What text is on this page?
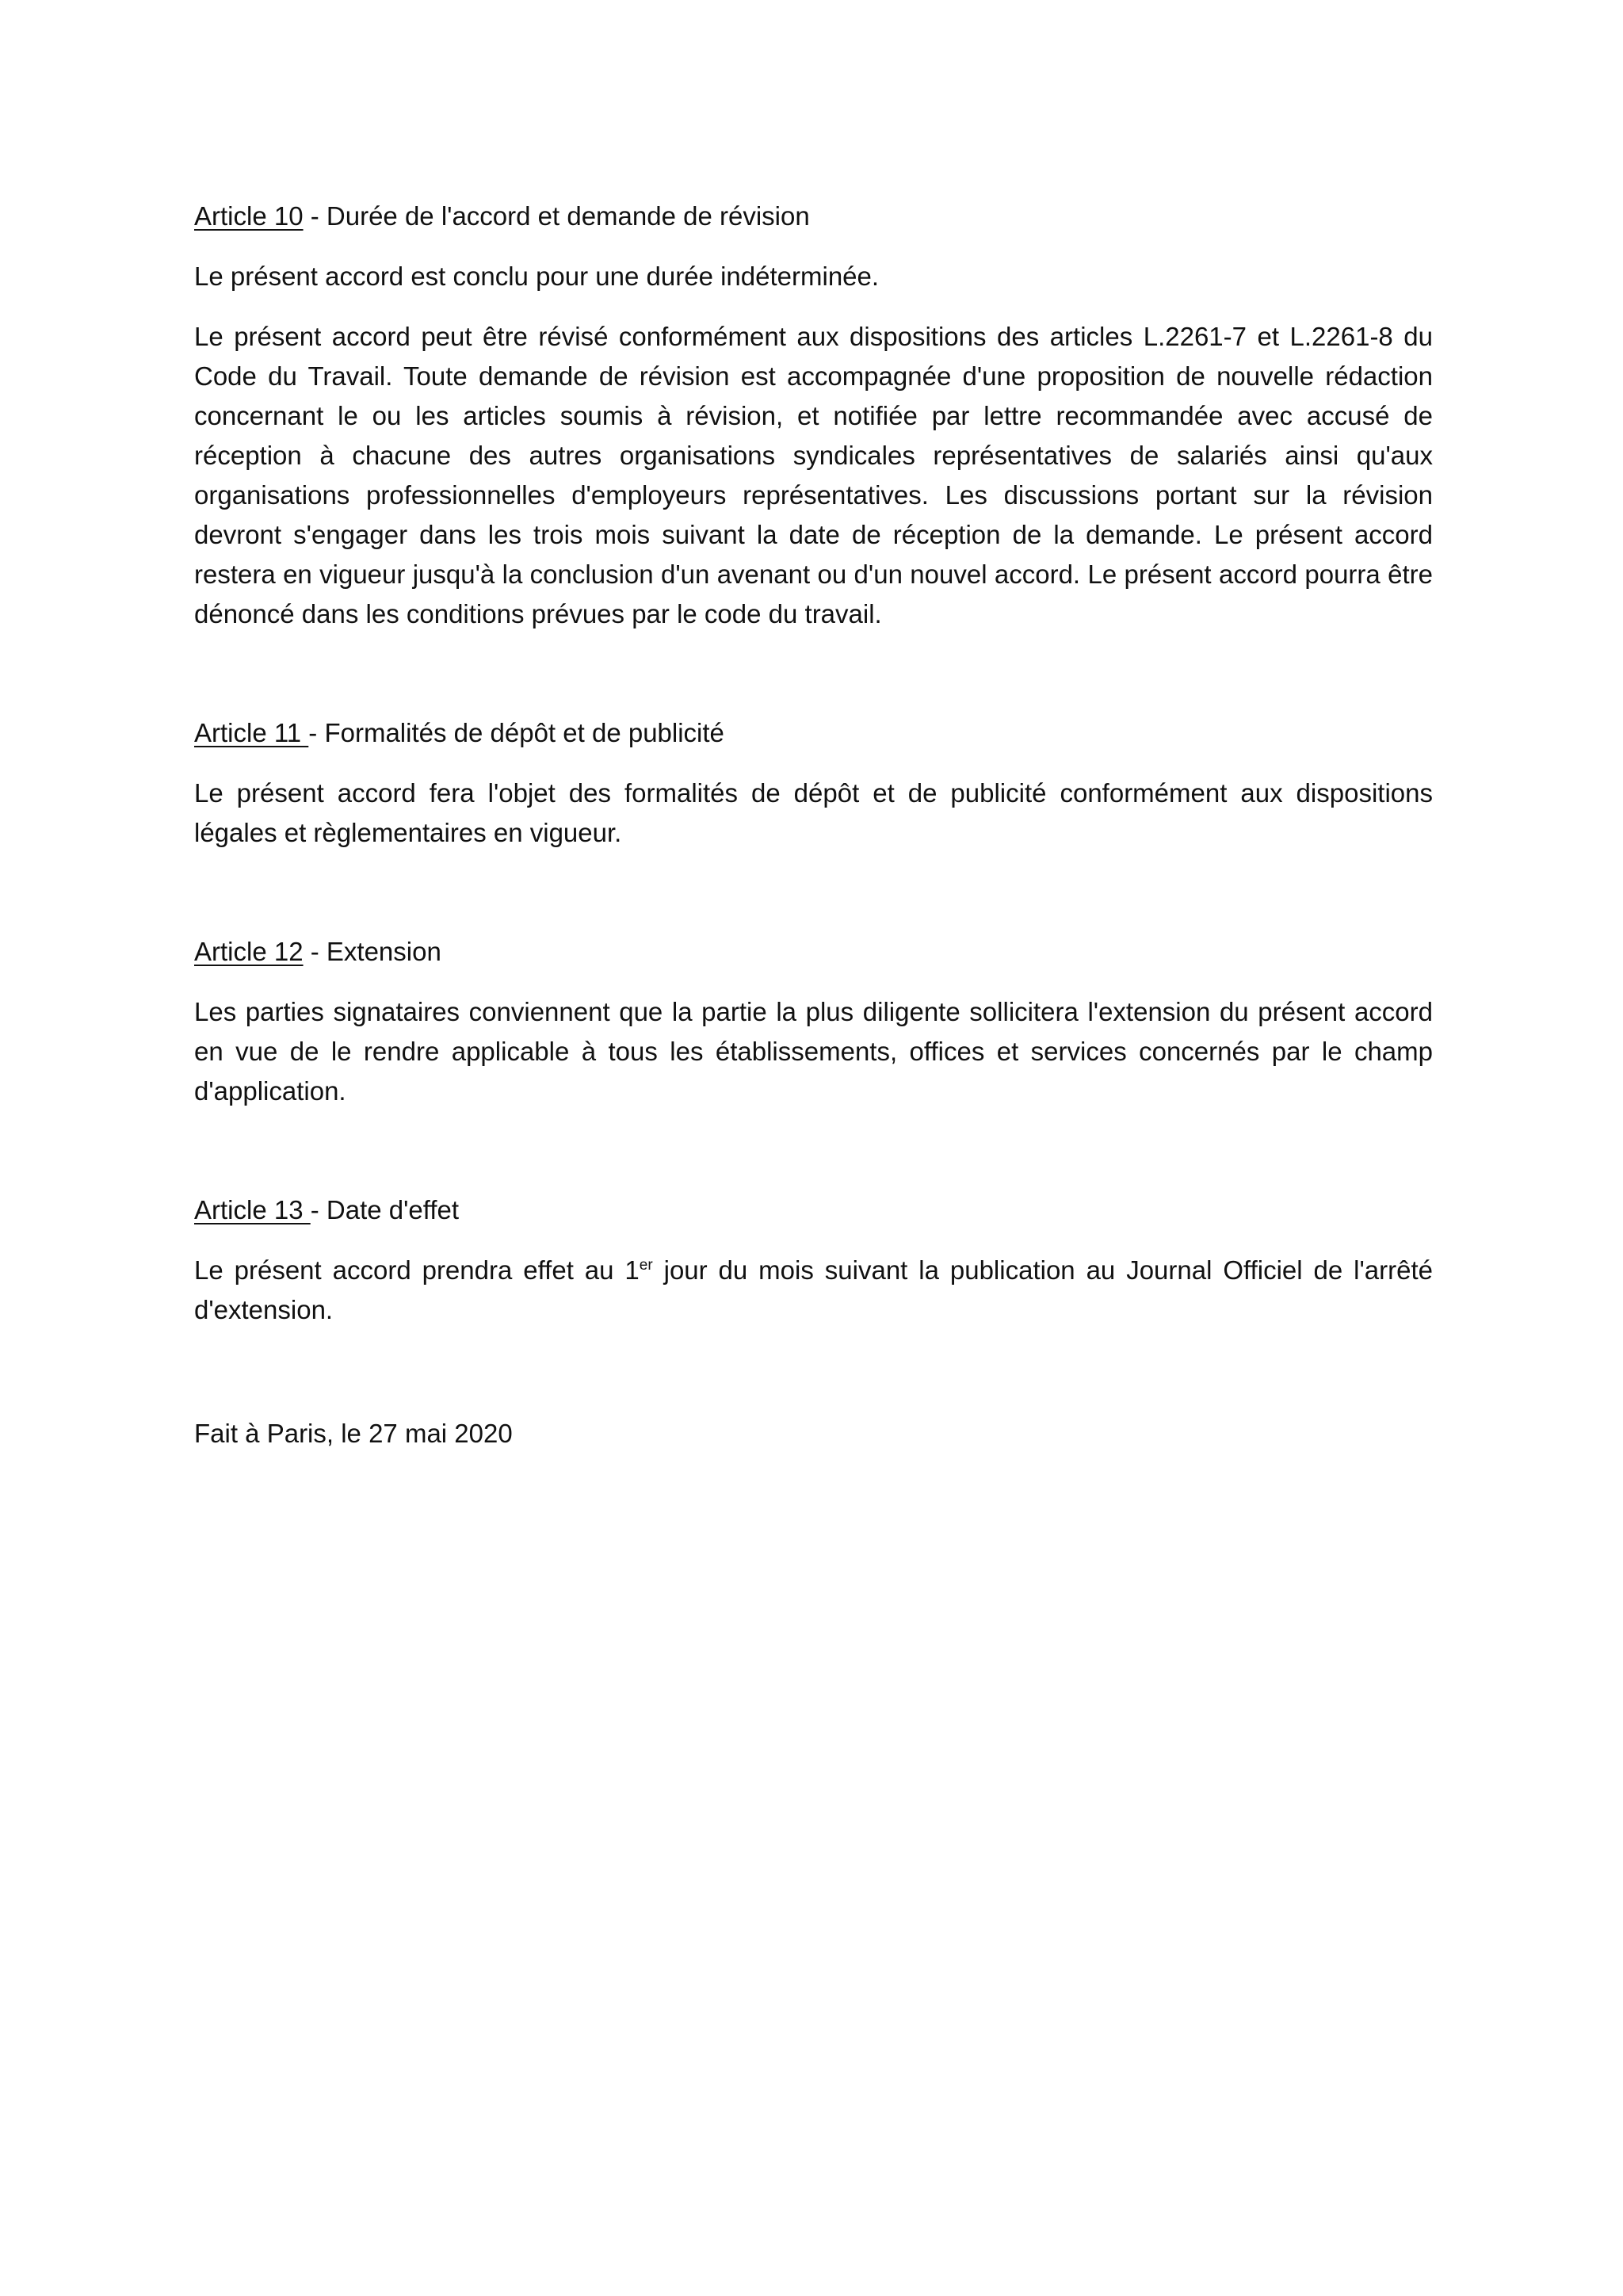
Article 10 - Durée de l'accord et demande de révision

Le présent accord est conclu pour une durée indéterminée.

Le présent accord peut être révisé conformément aux dispositions des articles L.2261-7 et L.2261-8 du Code du Travail. Toute demande de révision est accompagnée d'une proposition de nouvelle rédaction concernant le ou les articles soumis à révision, et notifiée par lettre recommandée avec accusé de réception à chacune des autres organisations syndicales représentatives de salariés ainsi qu'aux organisations professionnelles d'employeurs représentatives. Les discussions portant sur la révision devront s'engager dans les trois mois suivant la date de réception de la demande. Le présent accord restera en vigueur jusqu'à la conclusion d'un avenant ou d'un nouvel accord. Le présent accord pourra être dénoncé dans les conditions prévues par le code du travail.

Article 11 - Formalités de dépôt et de publicité

Le présent accord fera l'objet des formalités de dépôt et de publicité conformément aux dispositions légales et règlementaires en vigueur.

Article 12 - Extension

Les parties signataires conviennent que la partie la plus diligente sollicitera l'extension du présent accord en vue de le rendre applicable à tous les établissements, offices et services concernés par le champ d'application.

Article 13 - Date d'effet

Le présent accord prendra effet au 1er jour du mois suivant la publication au Journal Officiel de l'arrêté d'extension.

Fait à Paris, le 27 mai 2020
